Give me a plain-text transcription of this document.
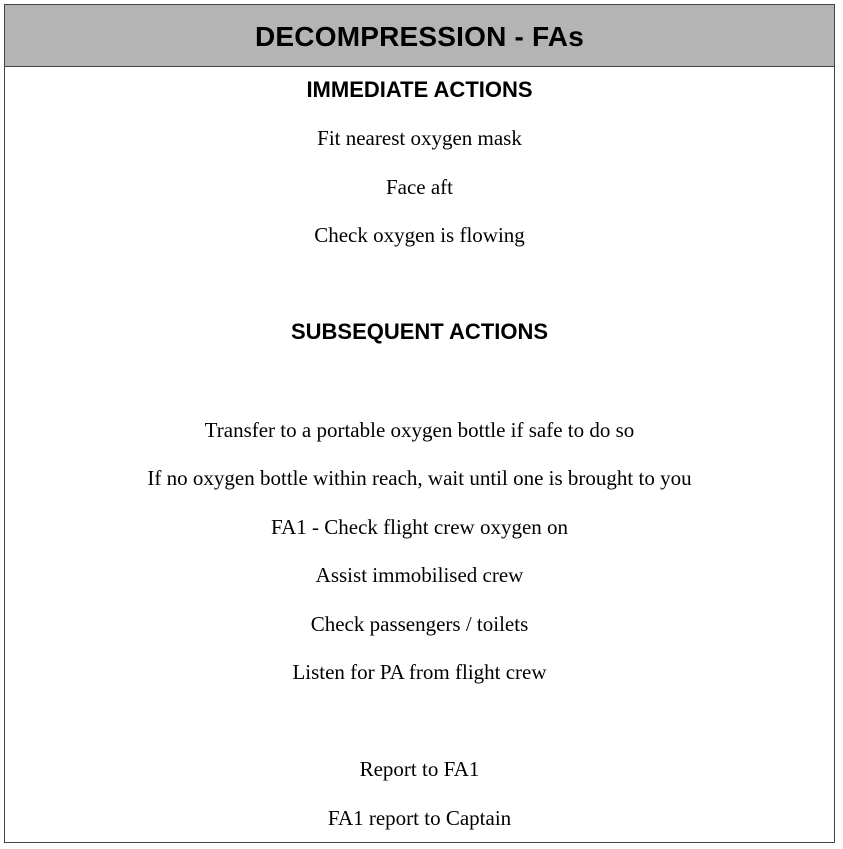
DECOMPRESSION - FAs
IMMEDIATE ACTIONS
Fit nearest oxygen mask
Face aft
Check oxygen is flowing
SUBSEQUENT ACTIONS
Transfer to a portable oxygen bottle if safe to do so
If no oxygen bottle within reach, wait until one is brought to you
FA1 - Check flight crew oxygen on
Assist immobilised crew
Check passengers / toilets
Listen for PA from flight crew
Report to FA1
FA1 report to Captain
